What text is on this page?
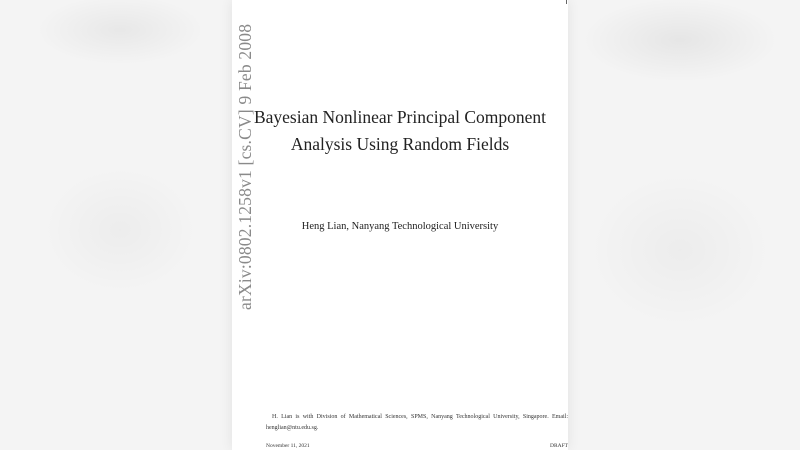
Bayesian Nonlinear Principal Component
Analysis Using Random Fields
Heng Lian, Nanyang Technological University
H. Lian is with Division of Mathematical Sciences, SPMS, Nanyang Technological University, Singapore. Email: henglian@ntu.edu.sg.
November 11, 2021	DRAFT
arXiv:0802.1258v1 [cs.CV] 9 Feb 2008
